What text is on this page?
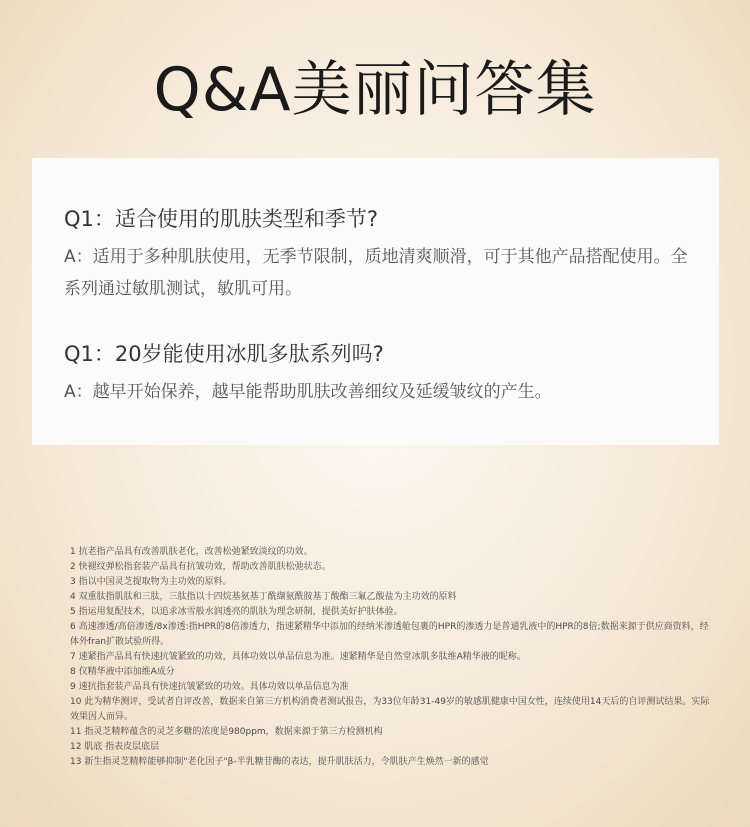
Q&A美丽问答集

Q1：适合使用的肌肤类型和季节?

A：适用于多种肌肤使用，无季节限制，质地清爽顺滑，可于其他产品搭配使用。全系列通过敏肌测试，敏肌可用。

Q1：20岁能使用冰肌多肽系列吗?

A：越早开始保养，越早能帮助肌肤改善细纹及延缓皱纹的产生。

1 抗老指产品具有改善肌肤老化，改善松弛紧致淡纹的功效。
2 快褪纹弹松指套装产品具有抗皱功效，帮助改善肌肤松弛状态。
3 指以中国灵芝提取物为主功效的原料。
4 双重肽指肌肽和三肽，三肽指以十四烷基氨基丁酰缬氨酰胺基丁酸酯三氟乙酸盐为主功效的原料
5 指运用复配技术，以追求冰雪般水润透亮的肌肤为理念研制，提供美好护肤体验。
6 高速渗透/高倍渗透/8x渗透:指HPR的8倍渗透力，指速紧精华中添加的经纳米渗透舱包裹的HPR的渗透力是普通乳液中的HPR的8倍;数据来源于供应商资料，经体外fran扩散试验所得。
7 速紧指产品具有快速抗皱紧致的功效，具体功效以单品信息为准。速紧精华是自然堂冰肌多肽维A精华液的昵称。
8 仅精华液中添加维A成分
9 速抗指套装产品具有快速抗皱紧致的功效。具体功效以单品信息为准
10 此为精华测评，受试者自评改善，数据来自第三方机构消费者测试报告，为33位年龄31-49岁的敏感肌健康中国女性，连续使用14天后的自评测试结果。实际效果因人而异。
11 指灵芝精粹蕴含的灵芝多糖的浓度是980ppm，数据来源于第三方检测机构
12 肌底 指表皮层底层
13 新生指灵芝精粹能够抑制"老化因子"β-半乳糖苷酶的表达，提升肌肤活力，令肌肤产生焕然一新的感觉
